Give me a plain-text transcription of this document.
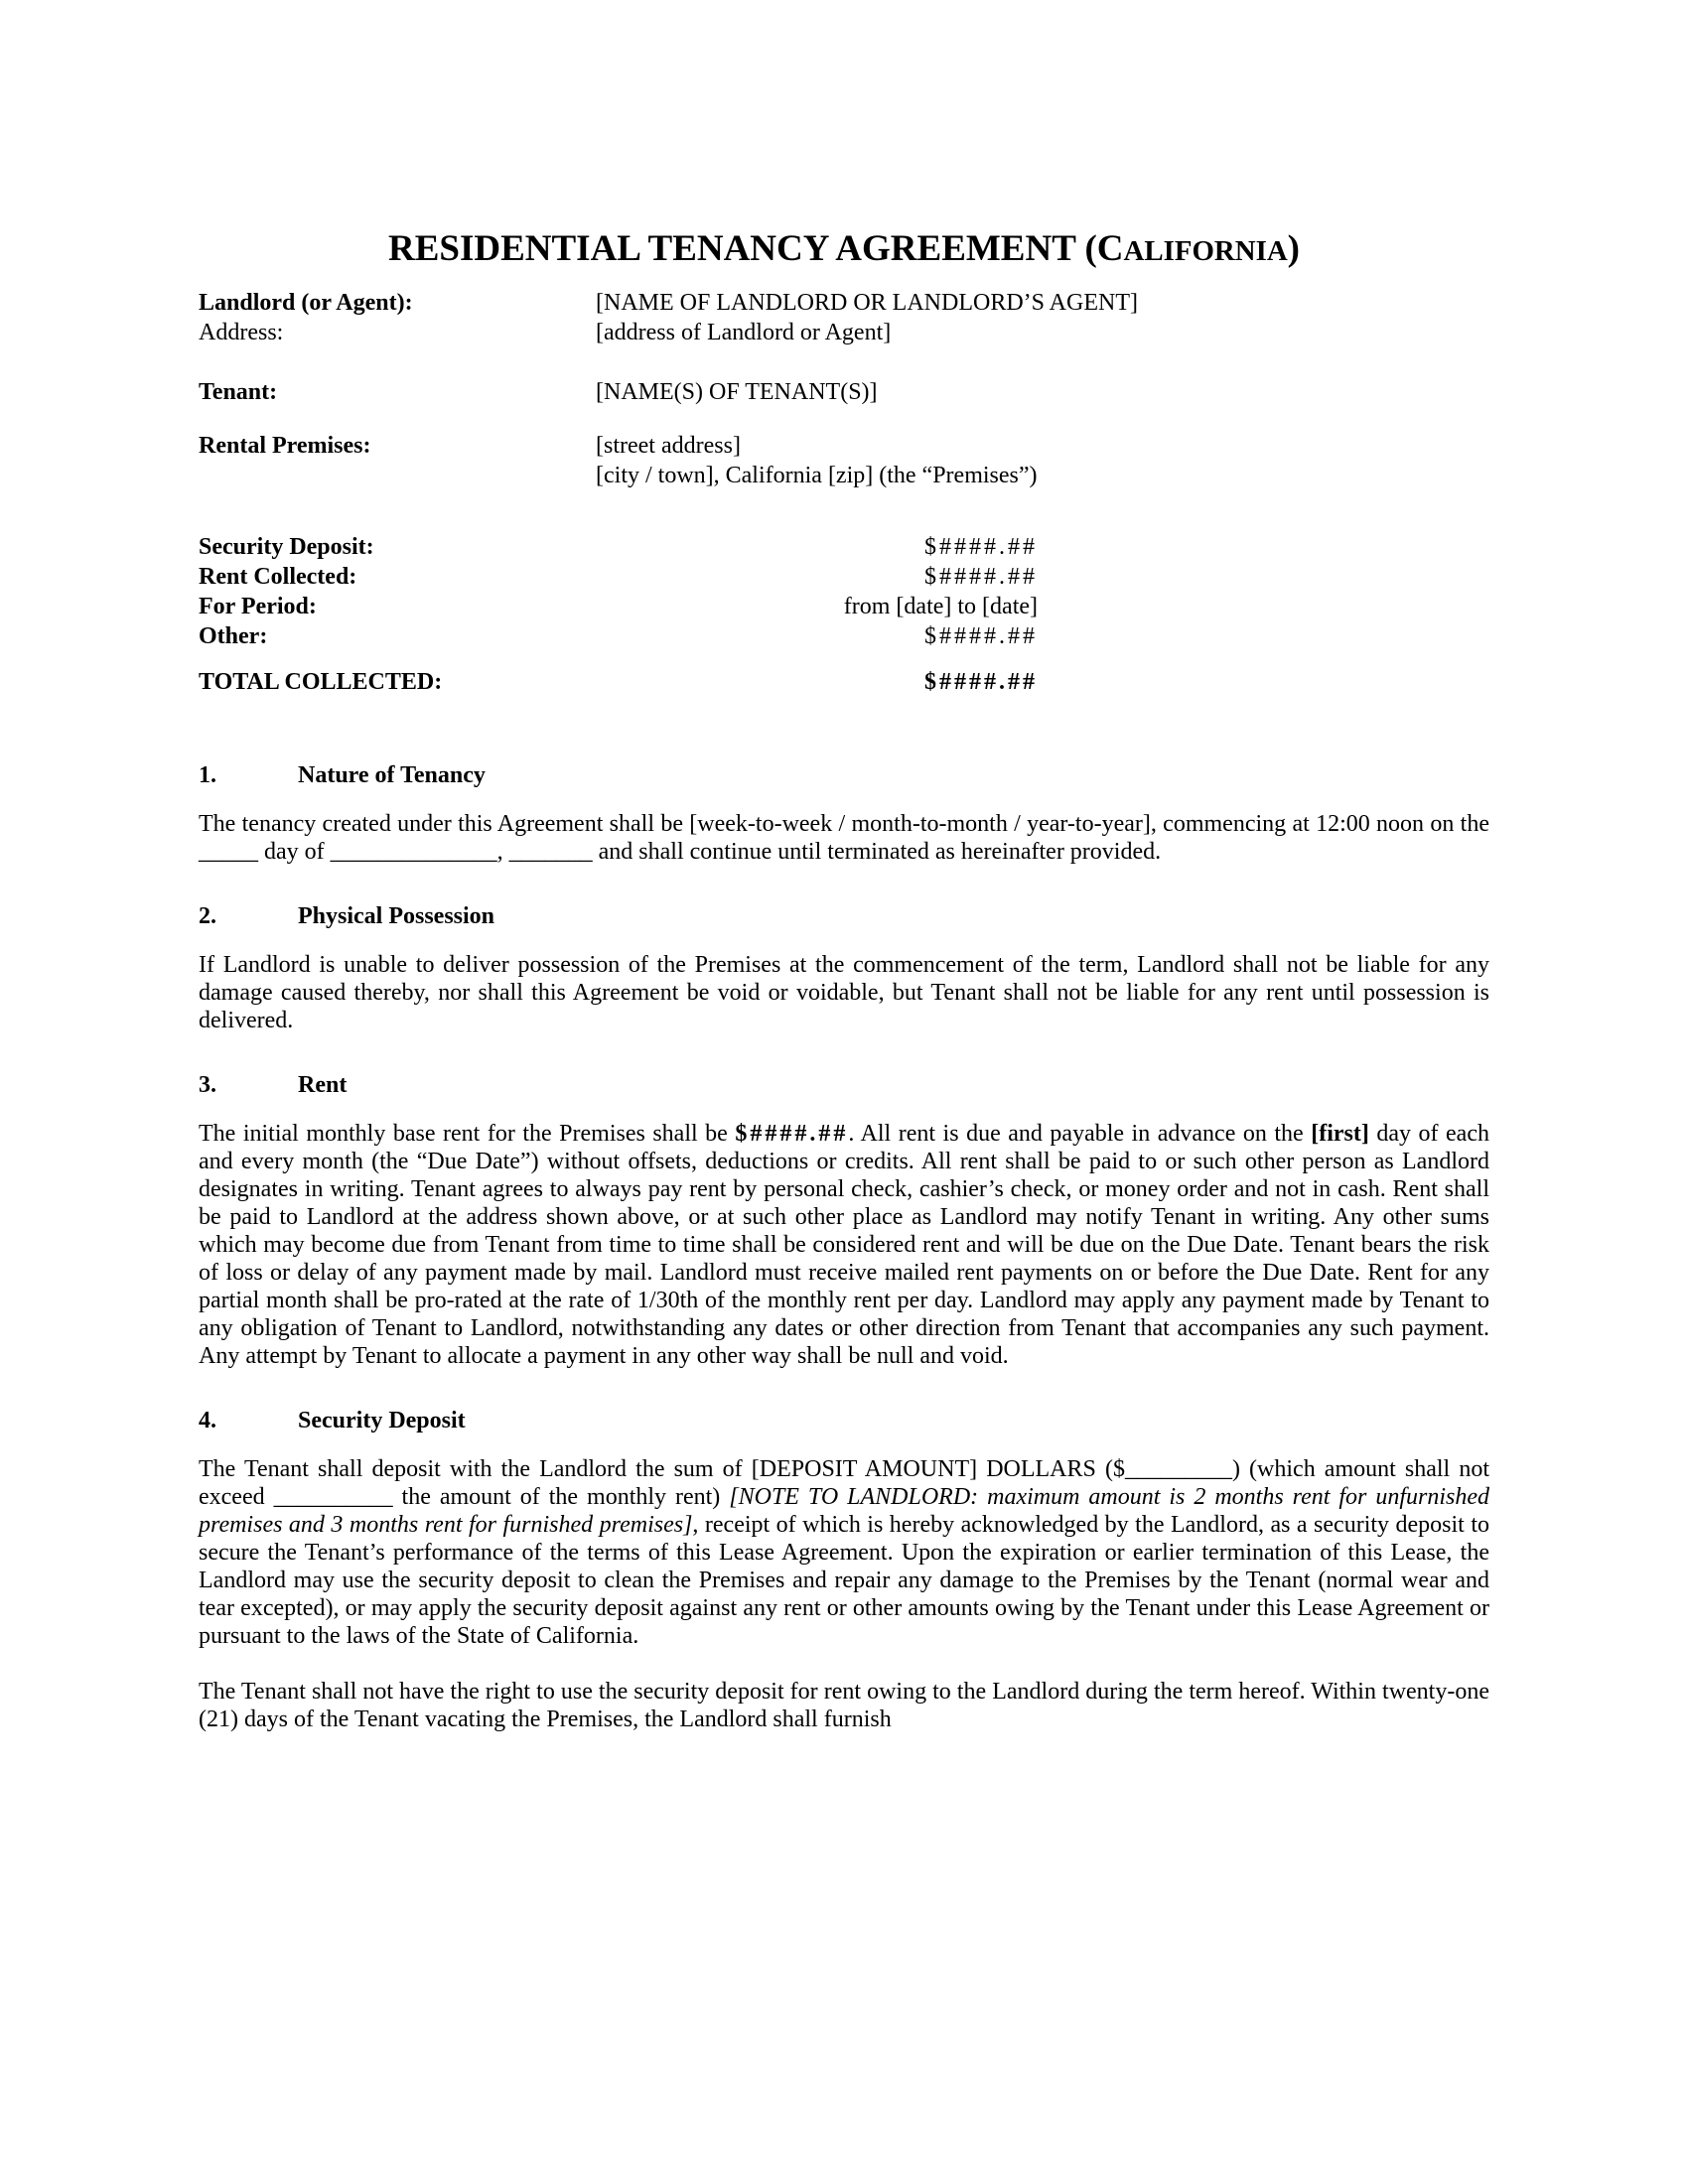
RESIDENTIAL TENANCY AGREEMENT (CALIFORNIA)
Landlord (or Agent):	[NAME OF LANDLORD OR LANDLORD’S AGENT]
Address:	[address of Landlord or Agent]
Tenant:	[NAME(S) OF TENANT(S)]
Rental Premises:	[street address]
[city / town], California [zip] (the “Premises”)
Security Deposit:	$####.##
Rent Collected:	$####.##
For Period:	from [date] to [date]
Other:	$####.##
TOTAL COLLECTED:	$####.##
1.	Nature of Tenancy

The tenancy created under this Agreement shall be [week-to-week / month-to-month / year-to-year], commencing at 12:00 noon on the _____ day of ______________, _______ and shall continue until terminated as hereinafter provided.

2.	Physical Possession

If Landlord is unable to deliver possession of the Premises at the commencement of the term, Landlord shall not be liable for any damage caused thereby, nor shall this Agreement be void or voidable, but Tenant shall not be liable for any rent until possession is delivered.

3.	Rent

The initial monthly base rent for the Premises shall be $####.##. All rent is due and payable in advance on the [first] day of each and every month (the “Due Date”) without offsets, deductions or credits. All rent shall be paid to or such other person as Landlord designates in writing. Tenant agrees to always pay rent by personal check, cashier’s check, or money order and not in cash. Rent shall be paid to Landlord at the address shown above, or at such other place as Landlord may notify Tenant in writing. Any other sums which may become due from Tenant from time to time shall be considered rent and will be due on the Due Date. Tenant bears the risk of loss or delay of any payment made by mail. Landlord must receive mailed rent payments on or before the Due Date. Rent for any partial month shall be pro-rated at the rate of 1/30th of the monthly rent per day. Landlord may apply any payment made by Tenant to any obligation of Tenant to Landlord, notwithstanding any dates or other direction from Tenant that accompanies any such payment. Any attempt by Tenant to allocate a payment in any other way shall be null and void.

4.	Security Deposit

The Tenant shall deposit with the Landlord the sum of [DEPOSIT AMOUNT] DOLLARS ($_________) (which amount shall not exceed __________ the amount of the monthly rent) [NOTE TO LANDLORD: maximum amount is 2 months rent for unfurnished premises and 3 months rent for furnished premises], receipt of which is hereby acknowledged by the Landlord, as a security deposit to secure the Tenant’s performance of the terms of this Lease Agreement. Upon the expiration or earlier termination of this Lease, the Landlord may use the security deposit to clean the Premises and repair any damage to the Premises by the Tenant (normal wear and tear excepted), or may apply the security deposit against any rent or other amounts owing by the Tenant under this Lease Agreement or pursuant to the laws of the State of California.

The Tenant shall not have the right to use the security deposit for rent owing to the Landlord during the term hereof. Within twenty-one (21) days of the Tenant vacating the Premises, the Landlord shall furnish
